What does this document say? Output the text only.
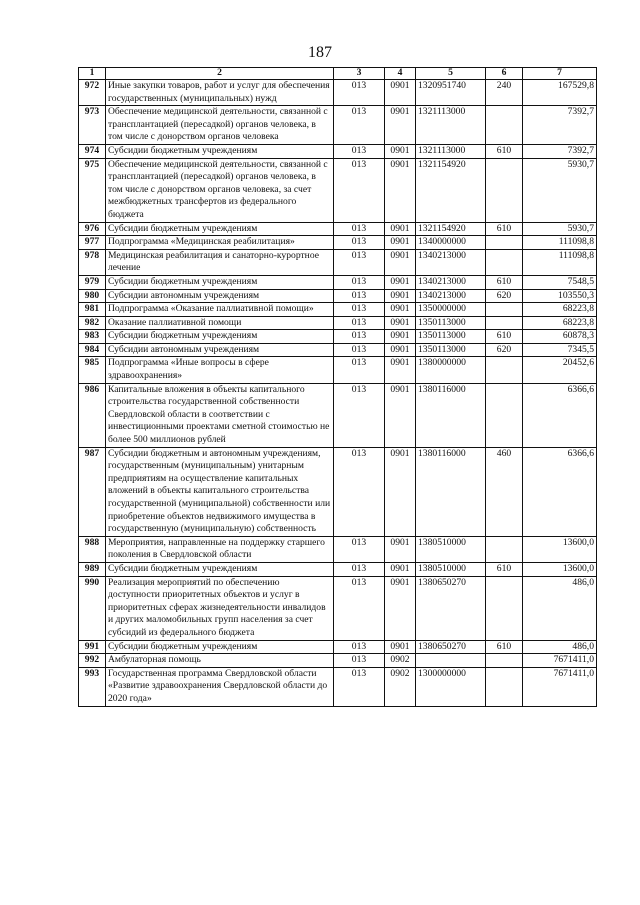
187
1	2	3	4	5	6	7
972	Иные закупки товаров, работ и услуг для обеспечения государственных (муниципальных) нужд	013	0901	1320951740	240	167529,8
973	Обеспечение медицинской деятельности, связанной с трансплантацией (пересадкой) органов человека, в том числе с донорством органов человека	013	0901	1321113000		7392,7
974	Субсидии бюджетным учреждениям	013	0901	1321113000	610	7392,7
975	Обеспечение медицинской деятельности, связанной с трансплантацией (пересадкой) органов человека, в том числе с донорством органов человека, за счет межбюджетных трансфертов из федерального бюджета	013	0901	1321154920		5930,7
976	Субсидии бюджетным учреждениям	013	0901	1321154920	610	5930,7
977	Подпрограмма «Медицинская реабилитация»	013	0901	1340000000		111098,8
978	Медицинская реабилитация и санаторно-курортное лечение	013	0901	1340213000		111098,8
979	Субсидии бюджетным учреждениям	013	0901	1340213000	610	7548,5
980	Субсидии автономным учреждениям	013	0901	1340213000	620	103550,3
981	Подпрограмма «Оказание паллиативной помощи»	013	0901	1350000000		68223,8
982	Оказание паллиативной помощи	013	0901	1350113000		68223,8
983	Субсидии бюджетным учреждениям	013	0901	1350113000	610	60878,3
984	Субсидии автономным учреждениям	013	0901	1350113000	620	7345,5
985	Подпрограмма «Иные вопросы в сфере здравоохранения»	013	0901	1380000000		20452,6
986	Капитальные вложения в объекты капитального строительства государственной собственности Свердловской области в соответствии с инвестиционными проектами сметной стоимостью не более 500 миллионов рублей	013	0901	1380116000		6366,6
987	Субсидии бюджетным и автономным учреждениям, государственным (муниципальным) унитарным предприятиям на осуществление капитальных вложений в объекты капитального строительства государственной (муниципальной) собственности или приобретение объектов недвижимого имущества в государственную (муниципальную) собственность	013	0901	1380116000	460	6366,6
988	Мероприятия, направленные на поддержку старшего поколения в Свердловской области	013	0901	1380510000		13600,0
989	Субсидии бюджетным учреждениям	013	0901	1380510000	610	13600,0
990	Реализация мероприятий по обеспечению доступности приоритетных объектов и услуг в приоритетных сферах жизнедеятельности инвалидов и других маломобильных групп населения за счет субсидий из федерального бюджета	013	0901	1380650270		486,0
991	Субсидии бюджетным учреждениям	013	0901	1380650270	610	486,0
992	Амбулаторная помощь	013	0902			7671411,0
993	Государственная программа Свердловской области «Развитие здравоохранения Свердловской области до 2020 года»	013	0902	1300000000		7671411,0
